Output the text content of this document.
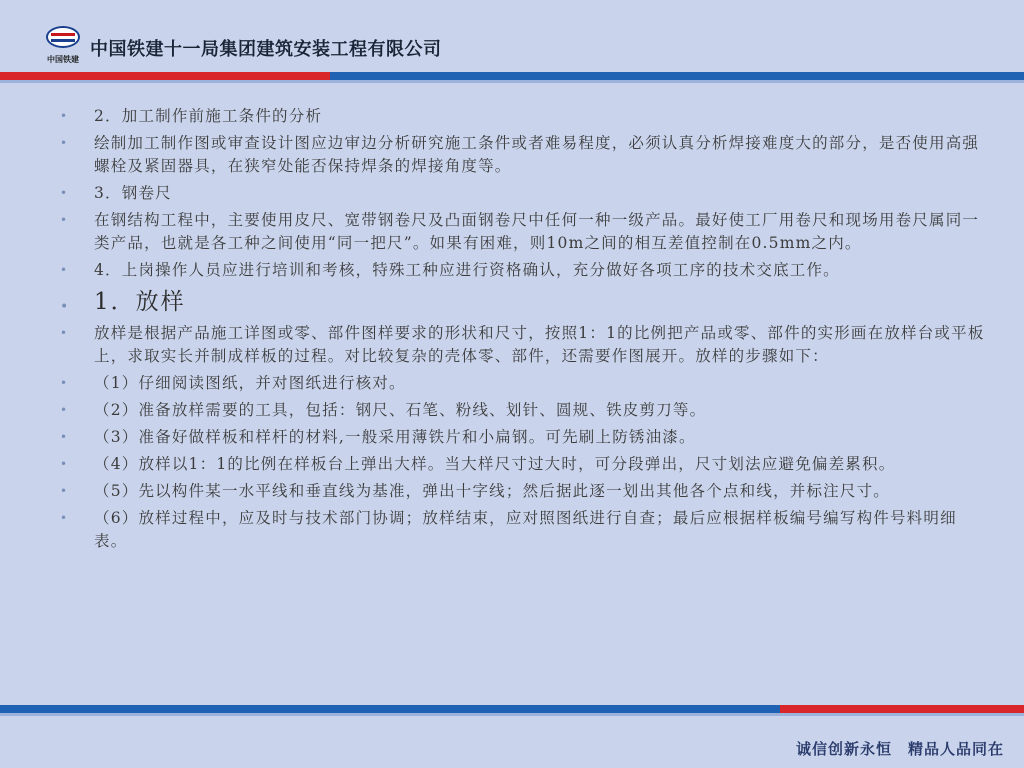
中国铁建 中国铁建十一局集团建筑安装工程有限公司
• 2．加工制作前施工条件的分析
• 绘制加工制作图或审查设计图应边审边分析研究施工条件或者难易程度，必须认真分析焊接难度大的部分，是否使用高强螺栓及紧固器具，在狭窄处能否保持焊条的焊接角度等。
• 3．钢卷尺
• 在钢结构工程中，主要使用皮尺、宽带钢卷尺及凸面钢卷尺中任何一种一级产品。最好使工厂用卷尺和现场用卷尺属同一类产品，也就是各工种之间使用“同一把尺”。如果有困难，则10m之间的相互差值控制在0.5mm之内。
• 4．上岗操作人员应进行培训和考核，特殊工种应进行资格确认，充分做好各项工序的技术交底工作。
• 1．放样
• 放样是根据产品施工详图或零、部件图样要求的形状和尺寸，按照1：1的比例把产品或零、部件的实形画在放样台或平板上，求取实长并制成样板的过程。对比较复杂的壳体零、部件，还需要作图展开。放样的步骤如下：
• （1）仔细阅读图纸，并对图纸进行核对。
• （2）准备放样需要的工具，包括：钢尺、石笔、粉线、划针、圆规、铁皮剪刀等。
• （3）准备好做样板和样杆的材料,一般采用薄铁片和小扁钢。可先刷上防锈油漆。
• （4）放样以1：1的比例在样板台上弹出大样。当大样尺寸过大时，可分段弹出，尺寸划法应避免偏差累积。
• （5）先以构件某一水平线和垂直线为基准，弹出十字线；然后据此逐一划出其他各个点和线，并标注尺寸。
• （6）放样过程中，应及时与技术部门协调；放样结束，应对照图纸进行自查；最后应根据样板编号编写构件号料明细表。
诚信创新永恒　精品人品同在
